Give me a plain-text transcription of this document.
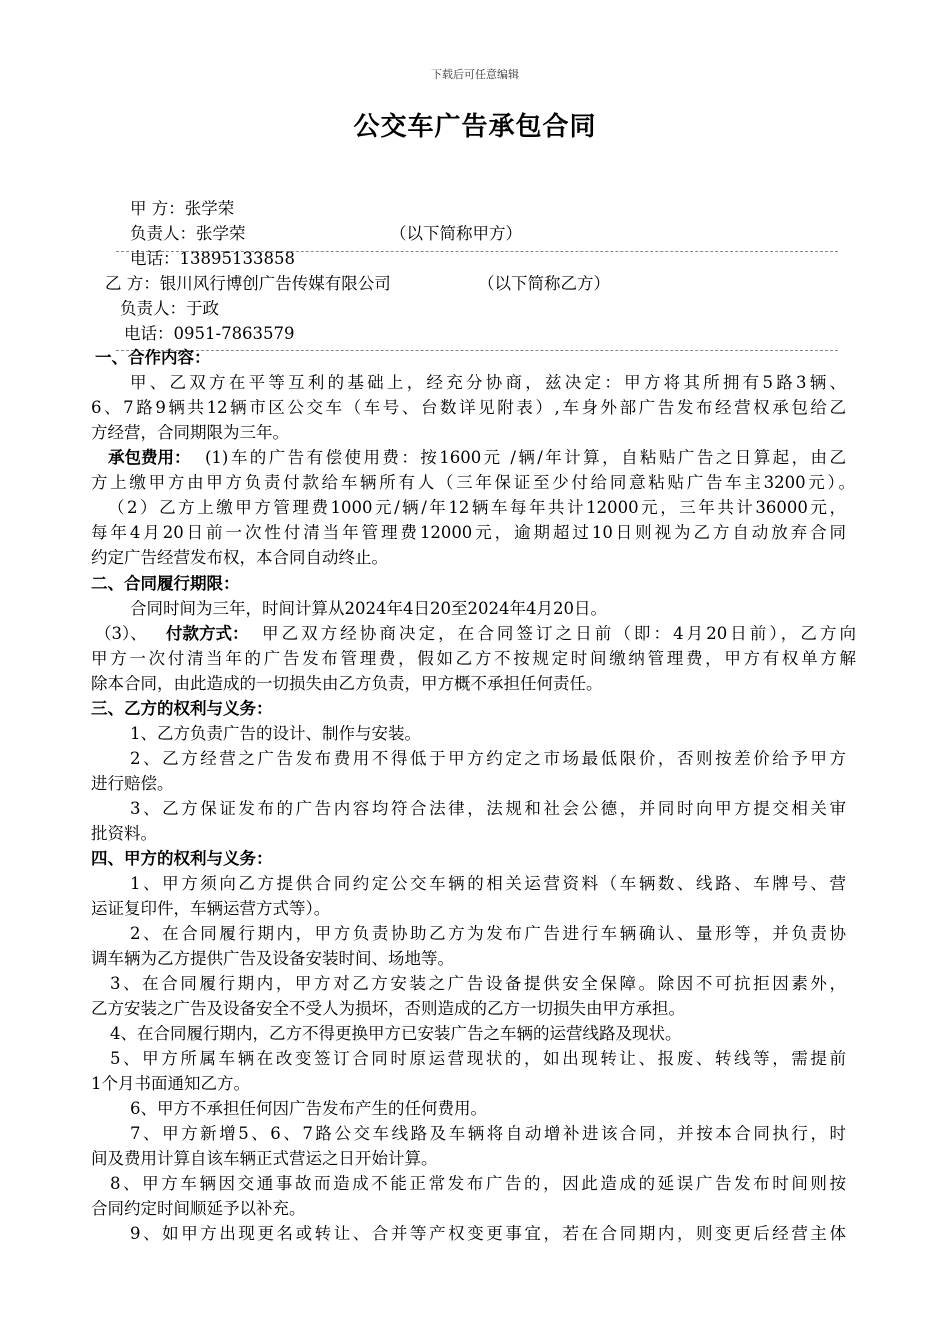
下载后可任意编辑
公交车广告承包合同
甲 方：张学荣
负责人：张学荣	（以下简称甲方）
电话：13895133858
乙 方：银川风行博创广告传媒有限公司	（以下简称乙方）
负责人：于政
电话：0951-7863579
一、合作内容：
甲、乙双方在平等互利的基础上，经充分协商，兹决定：甲方将其所拥有5路3辆、
6、7路9辆共12辆市区公交车（车号、台数详见附表）,车身外部广告发布经营权承包给乙
方经营，合同期限为三年。
承包费用： (1)车的广告有偿使用费：按1600元 /辆/年计算，自粘贴广告之日算起，由乙
方上缴甲方由甲方负责付款给车辆所有人（三年保证至少付给同意粘贴广告车主3200元）。
（2）乙方上缴甲方管理费1000元/辆/年12辆车每年共计12000元，三年共计36000元，
每年4月20日前一次性付清当年管理费12000元，逾期超过10日则视为乙方自动放弃合同
约定广告经营发布权，本合同自动终止。
二、合同履行期限：
合同时间为三年，时间计算从2024年4日20至2024年4月20日。
（3）、 付款方式： 甲乙双方经协商决定，在合同签订之日前（即：4月20日前），乙方向
甲方一次付清当年的广告发布管理费，假如乙方不按规定时间缴纳管理费，甲方有权单方解
除本合同，由此造成的一切损失由乙方负责，甲方概不承担任何责任。
三、乙方的权利与义务：
1、乙方负责广告的设计、制作与安装。
2、乙方经营之广告发布费用不得低于甲方约定之市场最低限价，否则按差价给予甲方
进行赔偿。
3、乙方保证发布的广告内容均符合法律，法规和社会公德，并同时向甲方提交相关审
批资料。
四、甲方的权利与义务：
1、甲方须向乙方提供合同约定公交车辆的相关运营资料（车辆数、线路、车牌号、营
运证复印件，车辆运营方式等）。
2、在合同履行期内，甲方负责协助乙方为发布广告进行车辆确认、量形等，并负责协
调车辆为乙方提供广告及设备安装时间、场地等。
3、在合同履行期内，甲方对乙方安装之广告设备提供安全保障。除因不可抗拒因素外，
乙方安装之广告及设备安全不受人为损坏，否则造成的乙方一切损失由甲方承担。
4、在合同履行期内，乙方不得更换甲方已安装广告之车辆的运营线路及现状。
5、甲方所属车辆在改变签订合同时原运营现状的，如出现转让、报废、转线等，需提前
1个月书面通知乙方。
6、甲方不承担任何因广告发布产生的任何费用。
7、甲方新增5、6、7路公交车线路及车辆将自动增补进该合同，并按本合同执行，时
间及费用计算自该车辆正式营运之日开始计算。
8、甲方车辆因交通事故而造成不能正常发布广告的，因此造成的延误广告发布时间则按
合同约定时间顺延予以补充。
9、如甲方出现更名或转让、合并等产权变更事宜，若在合同期内，则变更后经营主体
